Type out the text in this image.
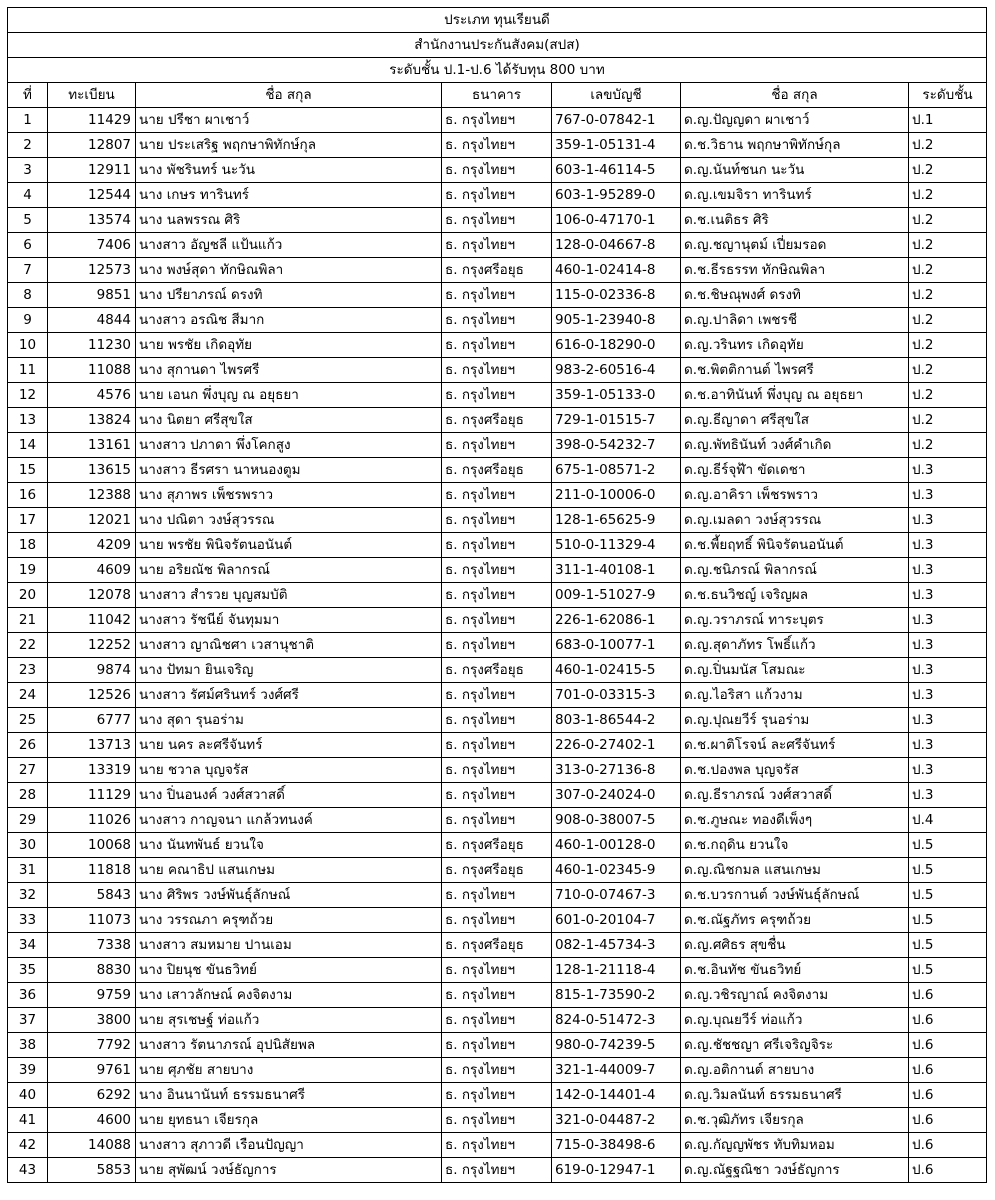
ประเภท ทุนเรียนดี						
สำนักงานประกันสังคม(สปส)						
ระดับชั้น ป.1-ป.6 ได้รับทุน 800 บาท						
ที่	ทะเบียน	ชื่อ สกุล	ธนาคาร	เลขบัญชี	ชื่อ สกุล	ระดับชั้น
1	11429	นาย ปรีชา ผาเชาว์	ธ. กรุงไทยฯ	767-0-07842-1	ด.ญ.ปัญญดา ผาเชาว์	ป.1
2	12807	นาย ประเสริฐ พฤกษาพิทักษ์กุล	ธ. กรุงไทยฯ	359-1-05131-4	ด.ช.วิธาน พฤกษาพิทักษ์กุล	ป.2
3	12911	นาง พัชรินทร์ นะวัน	ธ. กรุงไทยฯ	603-1-46114-5	ด.ญ.นันท์ชนก นะวัน	ป.2
4	12544	นาง เกษร ทารินทร์	ธ. กรุงไทยฯ	603-1-95289-0	ด.ญ.เขมจิรา ทารินทร์	ป.2
5	13574	นาง นลพรรณ ศิริ	ธ. กรุงไทยฯ	106-0-47170-1	ด.ช.เนติธร ศิริ	ป.2
6	7406	นางสาว อัญชลี แป้นแก้ว	ธ. กรุงไทยฯ	128-0-04667-8	ด.ญ.ชญานุตม์ เปี่ยมรอด	ป.2
7	12573	นาง พงษ์สุดา ทักษิณพิลา	ธ. กรุงศรีอยุธ	460-1-02414-8	ด.ช.ธีรธรรท ทักษิณพิลา	ป.2
8	9851	นาง ปรียาภรณ์ ดรงทิ	ธ. กรุงไทยฯ	115-0-02336-8	ด.ช.ชิษณุพงศ์ ดรงทิ	ป.2
9	4844	นางสาว อรณิช สีมาก	ธ. กรุงไทยฯ	905-1-23940-8	ด.ญ.ปาลิดา เพชรชี	ป.2
10	11230	นาย พรชัย เกิดอุทัย	ธ. กรุงไทยฯ	616-0-18290-0	ด.ญ.วรินทร เกิดอุทัย	ป.2
11	11088	นาง สุกานดา ไพรศรี	ธ. กรุงไทยฯ	983-2-60516-4	ด.ช.พิตติกานต์ ไพรศรี	ป.2
12	4576	นาย เอนก พึ่งบุญ ณ อยุธยา	ธ. กรุงไทยฯ	359-1-05133-0	ด.ช.อาทินันท์ พึ่งบุญ ณ อยุธยา	ป.2
13	13824	นาง นิตยา ศรีสุขใส	ธ. กรุงศรีอยุธ	729-1-01515-7	ด.ญ.ธีญาดา ศรีสุขใส	ป.2
14	13161	นางสาว ปภาดา พึ่งโคกสูง	ธ. กรุงไทยฯ	398-0-54232-7	ด.ญ.พัทธินันท์ วงศ์คำเกิด	ป.2
15	13615	นางสาว ธีรศรา นาหนองตูม	ธ. กรุงศรีอยุธ	675-1-08571-2	ด.ญ.ธีร์จุฬ้า ขัดเดชา	ป.3
16	12388	นาง สุภาพร เพ็ชรพราว	ธ. กรุงไทยฯ	211-0-10006-0	ด.ญ.อาคิรา เพ็ชรพราว	ป.3
17	12021	นาง ปณิตา วงษ์สุวรรณ	ธ. กรุงไทยฯ	128-1-65625-9	ด.ญ.เมลดา วงษ์สุวรรณ	ป.3
18	4209	นาย พรชัย พินิจรัตนอนันต์	ธ. กรุงไทยฯ	510-0-11329-4	ด.ช.พี้ยฤทธิ์ พินิจรัตนอนันต์	ป.3
19	4609	นาย อริยณัช พิลากรณ์	ธ. กรุงไทยฯ	311-1-40108-1	ด.ญ.ชนิภรณ์ พิลากรณ์	ป.3
20	12078	นางสาว สำรวย บุญสมบัติ	ธ. กรุงไทยฯ	009-1-51027-9	ด.ช.ธนวิชญ์ เจริญผล	ป.3
21	11042	นางสาว รัชนีย์ จันทุมมา	ธ. กรุงไทยฯ	226-1-62086-1	ด.ญ.วราภรณ์ ทาระบุตร	ป.3
22	12252	นางสาว ญาณิชศา เวสานุชาติ	ธ. กรุงไทยฯ	683-0-10077-1	ด.ญ.สุดาภัทร โพธิ์แก้ว	ป.3
23	9874	นาง ปัทมา ยินเจริญ	ธ. กรุงศรีอยุธ	460-1-02415-5	ด.ญ.ปิ่นมนัส โสมณะ	ป.3
24	12526	นางสาว รัศม์ศรินทร์ วงศ์ศรี	ธ. กรุงไทยฯ	701-0-03315-3	ด.ญ.ไอริสา แก้วงาม	ป.3
25	6777	นาง สุดา รุนอร่าม	ธ. กรุงไทยฯ	803-1-86544-2	ด.ญ.ปุณยวีร์ รุนอร่าม	ป.3
26	13713	นาย นคร ละศรีจันทร์	ธ. กรุงไทยฯ	226-0-27402-1	ด.ช.ผาติโรจน์ ละศรีจันทร์	ป.3
27	13319	นาย ชวาล บุญจรัส	ธ. กรุงไทยฯ	313-0-27136-8	ด.ช.ปองพล บุญจรัส	ป.3
28	11129	นาง ปิ่นอนงค์ วงศ์สวาสดิ์	ธ. กรุงไทยฯ	307-0-24024-0	ด.ญ.ธีราภรณ์ วงศ์สวาสดิ์	ป.3
29	11026	นางสาว กาญจนา แกล้วทนงค์	ธ. กรุงไทยฯ	908-0-38007-5	ด.ช.ภูษณะ ทองดีเพ็งๆ	ป.4
30	10068	นาง นันทพันธ์ ยวนใจ	ธ. กรุงศรีอยุธ	460-1-00128-0	ด.ช.กฤดิน ยวนใจ	ป.5
31	11818	นาย คณาธิป แสนเกษม	ธ. กรุงศรีอยุธ	460-1-02345-9	ด.ญ.ณิชกมล แสนเกษม	ป.5
32	5843	นาง ศิริพร วงษ์พันธุ์ลักษณ์	ธ. กรุงไทยฯ	710-0-07467-3	ด.ช.บวรกานต์ วงษ์พันธุ์ลักษณ์	ป.5
33	11073	นาง วรรณภา ครุฑถ้วย	ธ. กรุงไทยฯ	601-0-20104-7	ด.ช.ณัฐภัทร ครุฑถ้วย	ป.5
34	7338	นางสาว สมหมาย ปานเอม	ธ. กรุงศรีอยุธ	082-1-45734-3	ด.ญ.ศศิธร สุขชื่น	ป.5
35	8830	นาง ปิยนุช ขันธวิทย์	ธ. กรุงไทยฯ	128-1-21118-4	ด.ช.อินทัช ขันธวิทย์	ป.5
36	9759	นาง เสาวลักษณ์ คงจิตงาม	ธ. กรุงไทยฯ	815-1-73590-2	ด.ญ.วชิรญาณ์ คงจิตงาม	ป.6
37	3800	นาย สุรเชษฐ์ ท่อแก้ว	ธ. กรุงไทยฯ	824-0-51472-3	ด.ญ.บุณยวีร์ ท่อแก้ว	ป.6
38	7792	นางสาว รัตนาภรณ์ อุปนิสัยพล	ธ. กรุงไทยฯ	980-0-74239-5	ด.ญ.ชัชชญา ศรีเจริญจิระ	ป.6
39	9761	นาย ศุภชัย สายบาง	ธ. กรุงไทยฯ	321-1-44009-7	ด.ญ.อติกานต์ สายบาง	ป.6
40	6292	นาง อินนานันท์ ธรรมธนาศรี	ธ. กรุงไทยฯ	142-0-14401-4	ด.ญ.วิมลนันท์ ธรรมธนาศรี	ป.6
41	4600	นาย ยุทธนา เจียรกุล	ธ. กรุงไทยฯ	321-0-04487-2	ด.ช.วุฒิภัทร เจียรกุล	ป.6
42	14088	นางสาว สุภาวดี เรือนปัญญา	ธ. กรุงไทยฯ	715-0-38498-6	ด.ญ.กัญญพัชร ทับทิมหอม	ป.6
43	5853	นาย สุพัฒน์ วงษ์ธัญการ	ธ. กรุงไทยฯ	619-0-12947-1	ด.ญ.ณัฐฐณิชา วงษ์ธัญการ	ป.6
